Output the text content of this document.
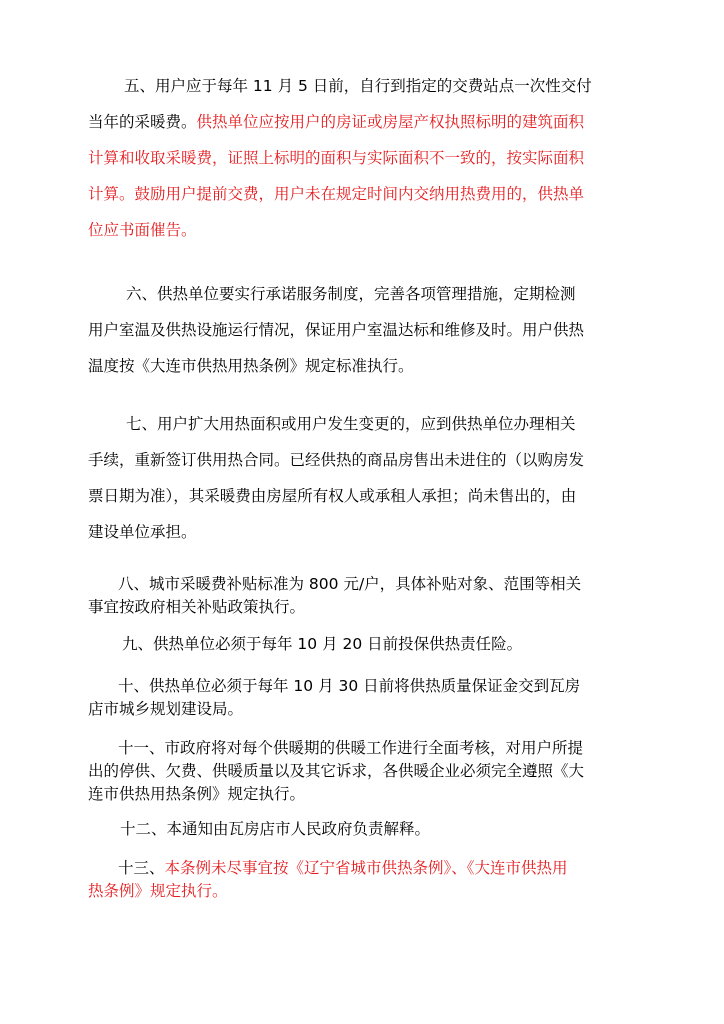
五、用户应于每年 11 月 5 日前，自行到指定的交费站点一次性交付
当年的采暖费。供热单位应按用户的房证或房屋产权执照标明的建筑面积
计算和收取采暖费，证照上标明的面积与实际面积不一致的，按实际面积
计算。鼓励用户提前交费，用户未在规定时间内交纳用热费用的，供热单
位应书面催告。
六、供热单位要实行承诺服务制度，完善各项管理措施，定期检测
用户室温及供热设施运行情况，保证用户室温达标和维修及时。用户供热
温度按《大连市供热用热条例》规定标准执行。
七、用户扩大用热面积或用户发生变更的，应到供热单位办理相关
手续，重新签订供用热合同。已经供热的商品房售出未进住的（以购房发
票日期为准），其采暖费由房屋所有权人或承租人承担；尚未售出的，由
建设单位承担。
八、城市采暖费补贴标准为 800 元/户，具体补贴对象、范围等相关
事宜按政府相关补贴政策执行。
九、供热单位必须于每年 10 月 20 日前投保供热责任险。
十、供热单位必须于每年 10 月 30 日前将供热质量保证金交到瓦房
店市城乡规划建设局。
十一、市政府将对每个供暖期的供暖工作进行全面考核，对用户所提
出的停供、欠费、供暖质量以及其它诉求，各供暖企业必须完全遵照《大
连市供热用热条例》规定执行。
十二、本通知由瓦房店市人民政府负责解释。
十三、本条例未尽事宜按《辽宁省城市供热条例》、《大连市供热用
热条例》规定执行。
